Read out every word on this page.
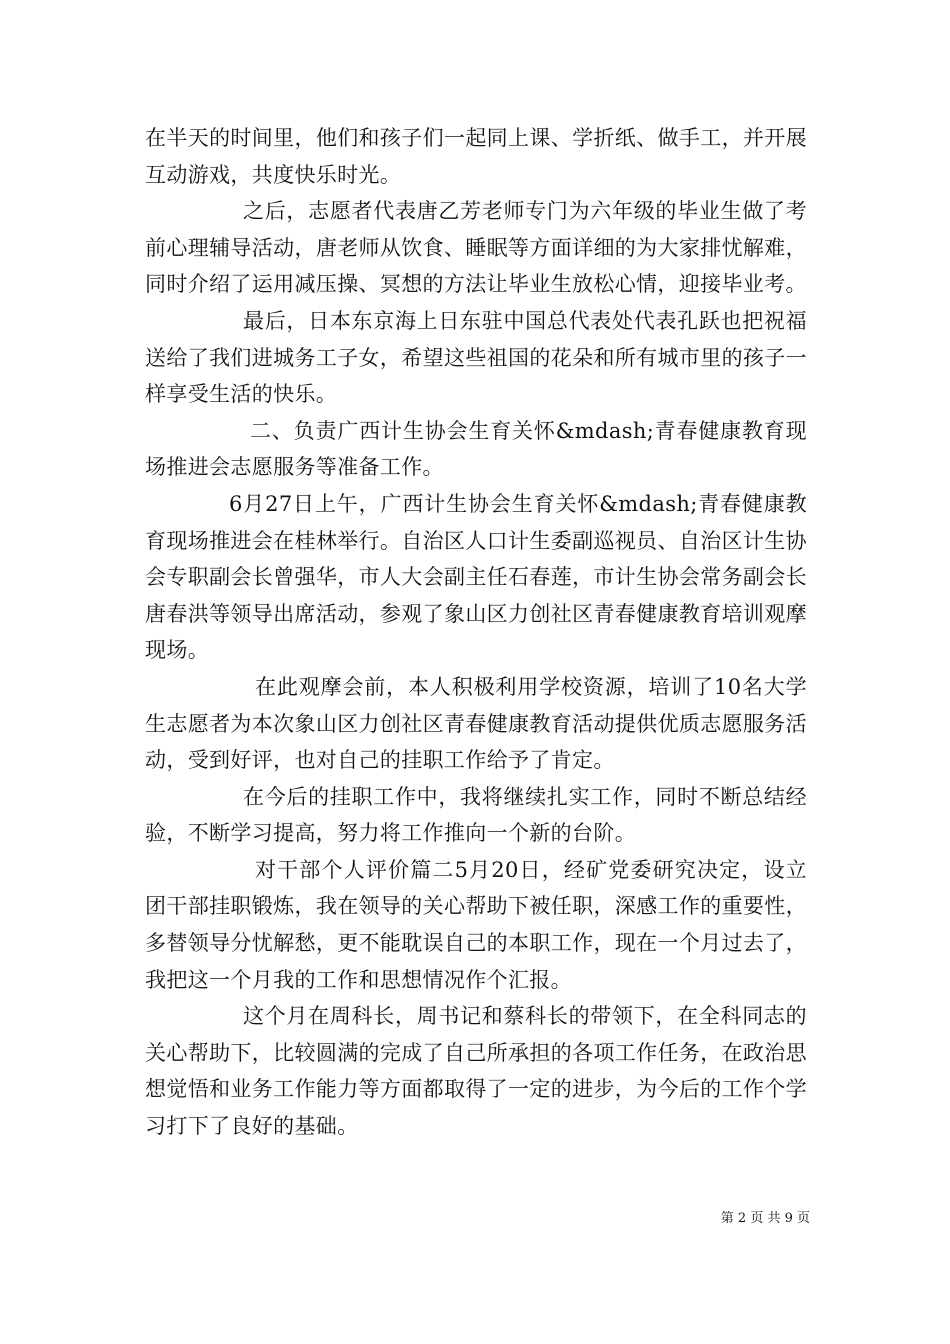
在半天的时间里，他们和孩子们一起同上课、学折纸、做手工，并开展互动游戏，共度快乐时光。

之后，志愿者代表唐乙芳老师专门为六年级的毕业生做了考前心理辅导活动，唐老师从饮食、睡眠等方面详细的为大家排忧解难，同时介绍了运用减压操、冥想的方法让毕业生放松心情，迎接毕业考。

最后，日本东京海上日东驻中国总代表处代表孔跃也把祝福送给了我们进城务工子女，希望这些祖国的花朵和所有城市里的孩子一样享受生活的快乐。

二、负责广西计生协会生育关怀&mdash;青春健康教育现场推进会志愿服务等准备工作。

6月27日上午，广西计生协会生育关怀&mdash;青春健康教育现场推进会在桂林举行。自治区人口计生委副巡视员、自治区计生协会专职副会长曾强华，市人大会副主任石春莲，市计生协会常务副会长唐春洪等领导出席活动，参观了象山区力创社区青春健康教育培训观摩现场。

在此观摩会前，本人积极利用学校资源，培训了10名大学生志愿者为本次象山区力创社区青春健康教育活动提供优质志愿服务活动，受到好评，也对自己的挂职工作给予了肯定。

在今后的挂职工作中，我将继续扎实工作，同时不断总结经验，不断学习提高，努力将工作推向一个新的台阶。

对干部个人评价篇二5月20日，经矿党委研究决定，设立团干部挂职锻炼，我在领导的关心帮助下被任职，深感工作的重要性，多替领导分忧解愁，更不能耽误自己的本职工作，现在一个月过去了，我把这一个月我的工作和思想情况作个汇报。

这个月在周科长，周书记和蔡科长的带领下，在全科同志的关心帮助下，比较圆满的完成了自己所承担的各项工作任务，在政治思想觉悟和业务工作能力等方面都取得了一定的进步，为今后的工作个学习打下了良好的基础。

第 2 页 共 9 页
